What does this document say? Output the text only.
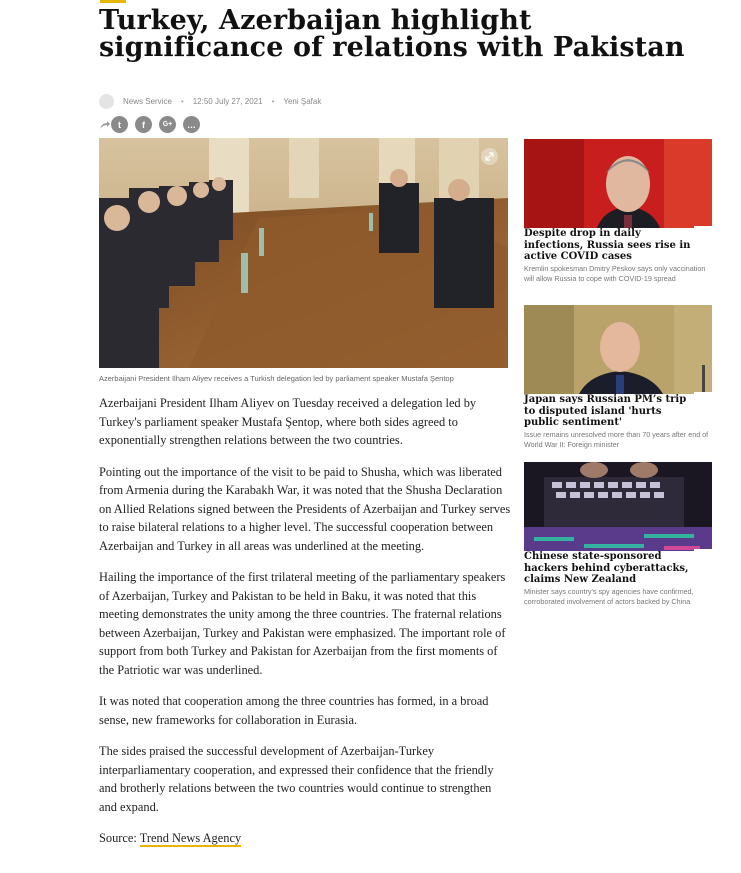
Turkey, Azerbaijan highlight significance of relations with Pakistan
News Service • 12:50 July 27, 2021 • Yeni Şafak
t f	G+ …
Azerbaijani President Ilham Aliyev receives a Turkish delegation led by parliament speaker Mustafa Şentop

Azerbaijani President Ilham Aliyev on Tuesday received a delegation led by Turkey's parliament speaker Mustafa Şentop, where both sides agreed to exponentially strengthen relations between the two countries.

Pointing out the importance of the visit to be paid to Shusha, which was liberated from Armenia during the Karabakh War, it was noted that the Shusha Declaration on Allied Relations signed between the Presidents of Azerbaijan and Turkey serves to raise bilateral relations to a higher level. The successful cooperation between Azerbaijan and Turkey in all areas was underlined at the meeting.

Hailing the importance of the first trilateral meeting of the parliamentary speakers of Azerbaijan, Turkey and Pakistan to be held in Baku, it was noted that this meeting demonstrates the unity among the three countries. The fraternal relations between Azerbaijan, Turkey and Pakistan were emphasized. The important role of support from both Turkey and Pakistan for Azerbaijan from the first moments of the Patriotic war was underlined.

It was noted that cooperation among the three countries has formed, in a broad sense, new frameworks for collaboration in Eurasia.

The sides praised the successful development of Azerbaijan-Turkey interparliamentary cooperation, and expressed their confidence that the friendly and brotherly relations between the two countries would continue to strengthen and expand.

Source: Trend News Agency

Despite drop in daily infections, Russia sees rise in active COVID cases
Kremlin spokesman Dmitry Peskov says only vaccination will allow Russia to cope with COVID-19 spread
Japan says Russian PM’s trip to disputed island 'hurts public sentiment'
Issue remains unresolved more than 70 years after end of World War II: Foreign minister
Chinese state-sponsored hackers behind cyberattacks, claims New Zealand
Minister says country's spy agencies have confirmed, corroborated involvement of actors backed by China
